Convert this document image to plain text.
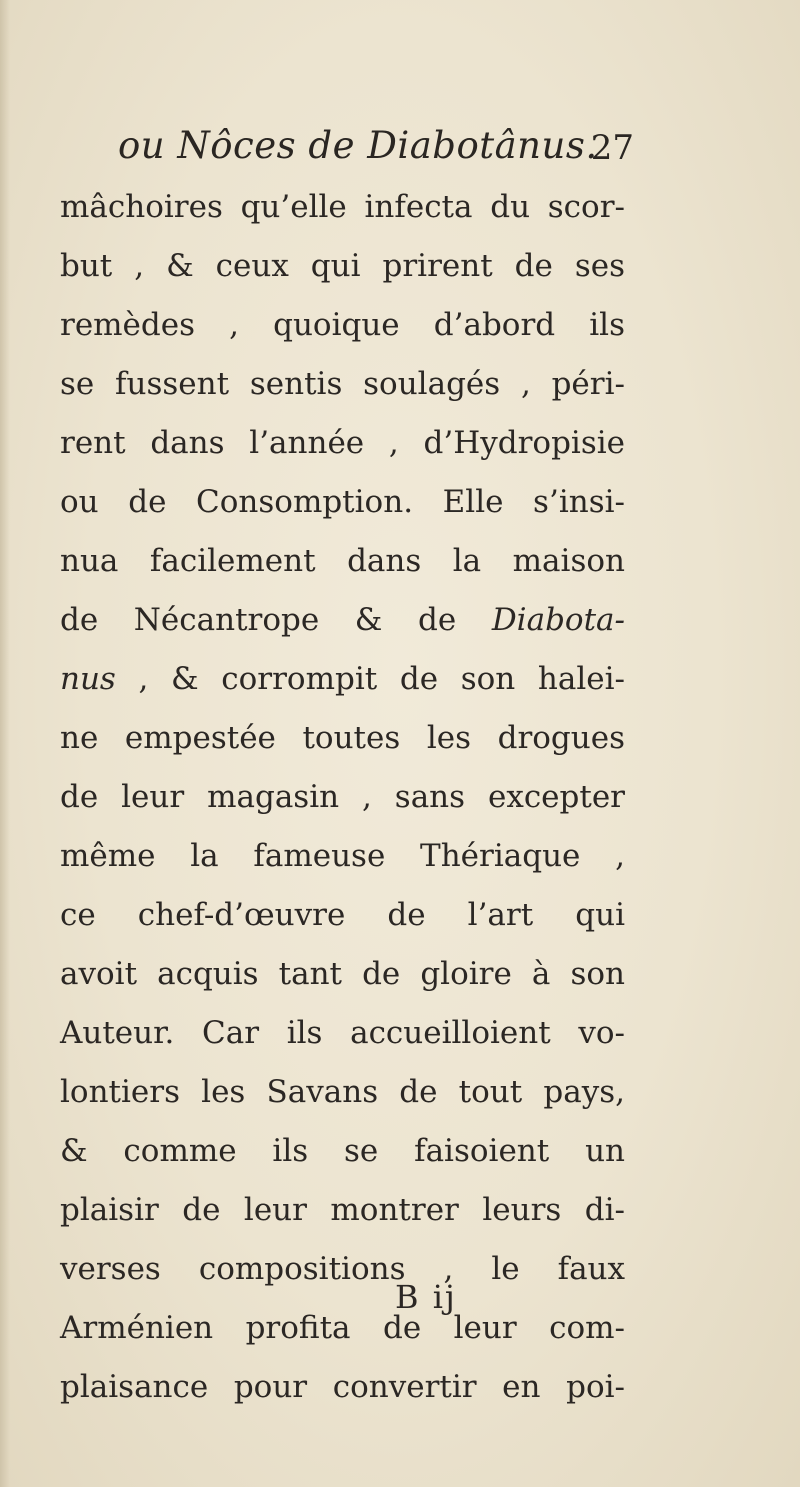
ou Nôces de Diabotânus.
27
mâchoires qu’elle infecta du scor-
but , & ceux qui prirent de ses
remèdes , quoique d’abord ils
se fussent sentis soulagés , péri-
rent dans l’année , d’Hydropisie
ou de Consomption. Elle s’insi-
nua facilement dans la maison
de Nécantrope & de Diabota-
nus , & corrompit de son halei-
ne empestée toutes les drogues
de leur magasin , sans excepter
même la fameuse Thériaque ,
ce chef-d’œuvre de l’art qui
avoit acquis tant de gloire à son
Auteur. Car ils accueilloient vo-
lontiers les Savans de tout pays,
& comme ils se faisoient un
plaisir de leur montrer leurs di-
verses compositions , le faux
Arménien profita de leur com-
plaisance pour convertir en poi-
B ij
